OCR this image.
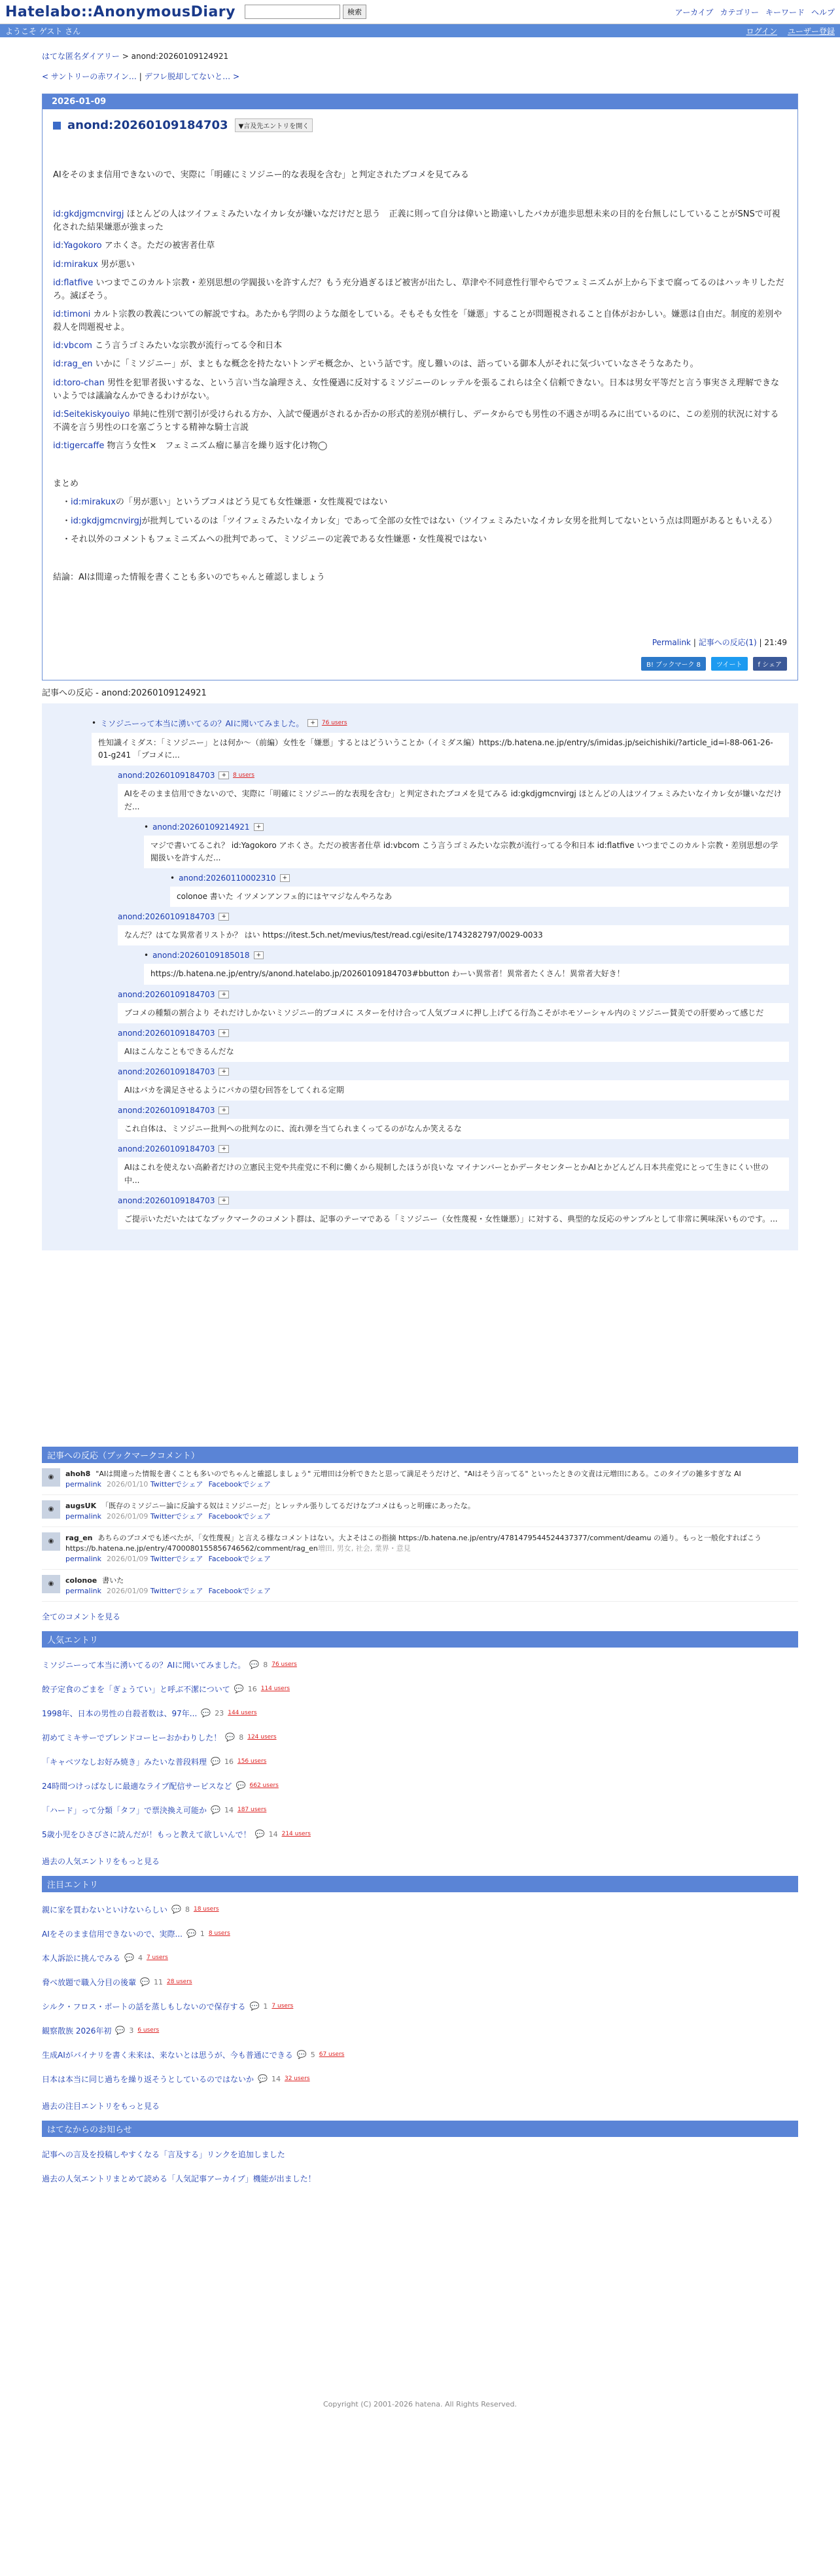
Hatelabo::AnonymousDiary	検索	アーカイブ カテゴリー キーワード ヘルプ
ようこそ ゲスト さん	ログイン ユーザー登録
はてな匿名ダイアリー > anond:20260109124921
< サントリーの赤ワイン… | デフレ脱却してないと… >
2026-01-09
anond:20260109184703	▼言及先エントリを開く

AIをそのまま信用できないので、実際に「明確にミソジニー的な表現を含む」と判定されたブコメを見てみる

id:gkdjgmcnvirgj ほとんどの人はツイフェミみたいなイカレ女が嫌いなだけだと思う　正義に則って自分は偉いと勘違いしたバカが進歩思想未来の目的を台無しにしていることがSNSで可視化された結果嫌悪が強まった

id:Yagokoro アホくさ。ただの被害者仕草

id:mirakux 男が悪い

id:flatfive いつまでこのカルト宗教・差別思想の学閥扱いを許すんだ？もう充分過ぎるほど被害が出たし、草津や不同意性行罪やらでフェミニズムが上から下まで腐ってるのはハッキリしただろ。滅ぼそう。

id:timoni カルト宗教の教義についての解説ですね。あたかも学問のような顔をしている。そもそも女性を「嫌悪」することが問題視されること自体がおかしい。嫌悪は自由だ。制度的差別や殺人を問題視せよ。

id:vbcom こう言うゴミみたいな宗教が流行ってる令和日本

id:rag_en いかに「ミソジニー」が、まともな概念を持たないトンデモ概念か、という話です。度し難いのは、語っている御本人がそれに気づいていなさそうなあたり。

id:toro-chan 男性を犯罪者扱いするな、という言い当な論理さえ、女性優遇に反対するミソジニーのレッテルを張るこれらは全く信頼できない。日本は男女平等だと言う事実さえ理解できないようでは議論なんかできるわけがない。

id:Seitekiskyouiyo 単純に性別で割引が受けられる方か、入試で優遇がされるか否かの形式的差別が横行し、データからでも男性の不遇さが明るみに出ているのに、この差別的状況に対する不満を言う男性の口を塞ごうとする精神な騎士言説

id:tigercaffe 物言う女性×　フェミニズム瘤に暴言を繰り返す化け物◯

まとめ

・id:mirakuxの「男が悪い」というブコメはどう見ても女性嫌悪・女性蔑視ではない

・id:gkdjgmcnvirgjが批判しているのは「ツイフェミみたいなイカレ女」であって全部の女性ではない（ツイフェミみたいなイカレ女男を批判してないという点は問題があるともいえる）

・それ以外のコメントもフェミニズムへの批判であって、ミソジニーの定義である女性嫌悪・女性蔑視ではない

結論：AIは間違った情報を書くことも多いのでちゃんと確認しましょう

Permalink | 記事への反応(1) | 21:49
B! ブックマーク 8	ツイート	f シェア
記事への反応 - anond:20260109124921
• ミソジニーって本当に湧いてるの？AIに聞いてみました。	+	76 users
性知識イミダス：「ミソジニー」とは何か〜（前編）女性を「嫌悪」するとはどういうことか（イミダス編）https://b.hatena.ne.jp/entry/s/imidas.jp/seichishiki/?article_id=l-88-061-26-01-g241 「ブコメに...
anond:20260109184703	+	8 users
AIをそのまま信用できないので、実際に「明確にミソジニー的な表現を含む」と判定されたブコメを見てみる id:gkdjgmcnvirgj ほとんどの人はツイフェミみたいなイカレ女が嫌いなだけだ...
• anond:20260109214921	+
マジで書いてるこれ？ id:Yagokoro アホくさ。ただの被害者仕草 id:vbcom こう言うゴミみたいな宗教が流行ってる令和日本 id:flatfive いつまでこのカルト宗教・差別思想の学閥扱いを許すんだ...
• anond:20260110002310	+
colonoe 書いた イツメンアンフェ的にはヤマジなんやろなあ
anond:20260109184703	+
なんだ？はてな異常者リストか？ はい https://itest.5ch.net/mevius/test/read.cgi/esite/1743282797/0029-0033
• anond:20260109185018	+
https://b.hatena.ne.jp/entry/s/anond.hatelabo.jp/20260109184703#bbutton わーい異常者！異常者たくさん！異常者大好き！
anond:20260109184703	+
ブコメの種類の割合より それだけしかないミソジニー的ブコメに スターを付け合って人気ブコメに押し上げてる行為こそがホモソーシャル内のミソジニー賛美での肝要めって感じだ
anond:20260109184703	+
AIはこんなこともできるんだな
anond:20260109184703	+
AIはバカを満足させるようにバカの望む回答をしてくれる定期
anond:20260109184703	+
これ自体は、ミソジニー批判への批判なのに、流れ弾を当てられまくってるのがなんか笑えるな
anond:20260109184703	+
AIはこれを使えない高齢者だけの立憲民主党や共産党に不利に働くから規制したほうが良いな マイナンバーとかデータセンターとかAIとかどんどん日本共産党にとって生きにくい世の中...
anond:20260109184703	+
ご提示いただいたはてなブックマークのコメント群は、記事のテーマである「ミソジニー（女性蔑視・女性嫌悪）」に対する、典型的な反応のサンプルとして非常に興味深いものです。...
記事への反応（ブックマークコメント）
◉	ahoh8 "AIは間違った情報を書くことも多いのでちゃんと確認しましょう" 元増田は分析できたと思って満足そうだけど、"AIはそう言ってる" といったときの文責は元増田にある。このタイプの雑多すぎな AI
permalink 2026/01/10 Twitterでシェア Facebookでシェア
◉	augsUK 「既存のミソジニー論に反論する奴はミソジニーだ」とレッテル張りしてるだけなブコメはもっと明確にあったな。
permalink 2026/01/09 Twitterでシェア Facebookでシェア
◉	rag_en あちらのブコメでも述べたが、「女性蔑視」と言える様なコメントはない。大よそはこの指摘 https://b.hatena.ne.jp/entry/4781479544524437377/comment/deamu の通り。もっと一般化すればこう https://b.hatena.ne.jp/entry/4700080155856746562/comment/rag_en増田, 男女, 社会, 業界・意見
permalink 2026/01/09 Twitterでシェア Facebookでシェア
◉	colonoe 書いた
permalink 2026/01/09 Twitterでシェア Facebookでシェア
全てのコメントを見る
人気エントリ
ミソジニーって本当に湧いてるの？AIに聞いてみました。 💬 8 76 users
餃子定食のごまを「ぎょうてい」と呼ぶ不潔について 💬 16 114 users
1998年、日本の男性の自殺者数は、97年... 💬 23 144 users
初めてミキサーでプレンドコーヒーおかわりした！ 💬 8 124 users
「キャベツなしお好み焼き」みたいな普段料理 💬 16 156 users
24時間つけっぱなしに最適なライブ配信サービスなど 💬 662 users
「ハード」って分類「タフ」で票決換え可能か 💬 14 187 users
5歳小児をひさびさに読んだが！もっと教えて欲しいんで！ 💬 14 214 users
過去の人気エントリをもっと見る
注目エントリ
親に家を買わないといけないらしい 💬 8 18 users
AIをそのまま信用できないので、実際... 💬 1 8 users
本人訴訟に挑んでみる 💬 4 7 users
脅べ放題で職入分目の後輩 💬 11 28 users
シルク・フロス・ポートの話を蒸しもしないので保存する 💬 1 7 users
観察散族 2026年初 💬 3 6 users
生成AIがバイナリを書く未来は、来ないとは思うが、今も普通にできる 💬 5 67 users
日本は本当に同じ過ちを繰り返そうとしているのではないか 💬 14 32 users
過去の注目エントリをもっと見る
はてなからのお知らせ
記事への言及を投稿しやすくなる「言及する」リンクを追加しました
過去の人気エントリまとめて読める「人気記事アーカイブ」機能が出ました！
Copyright (C) 2001-2026 hatena. All Rights Reserved.
